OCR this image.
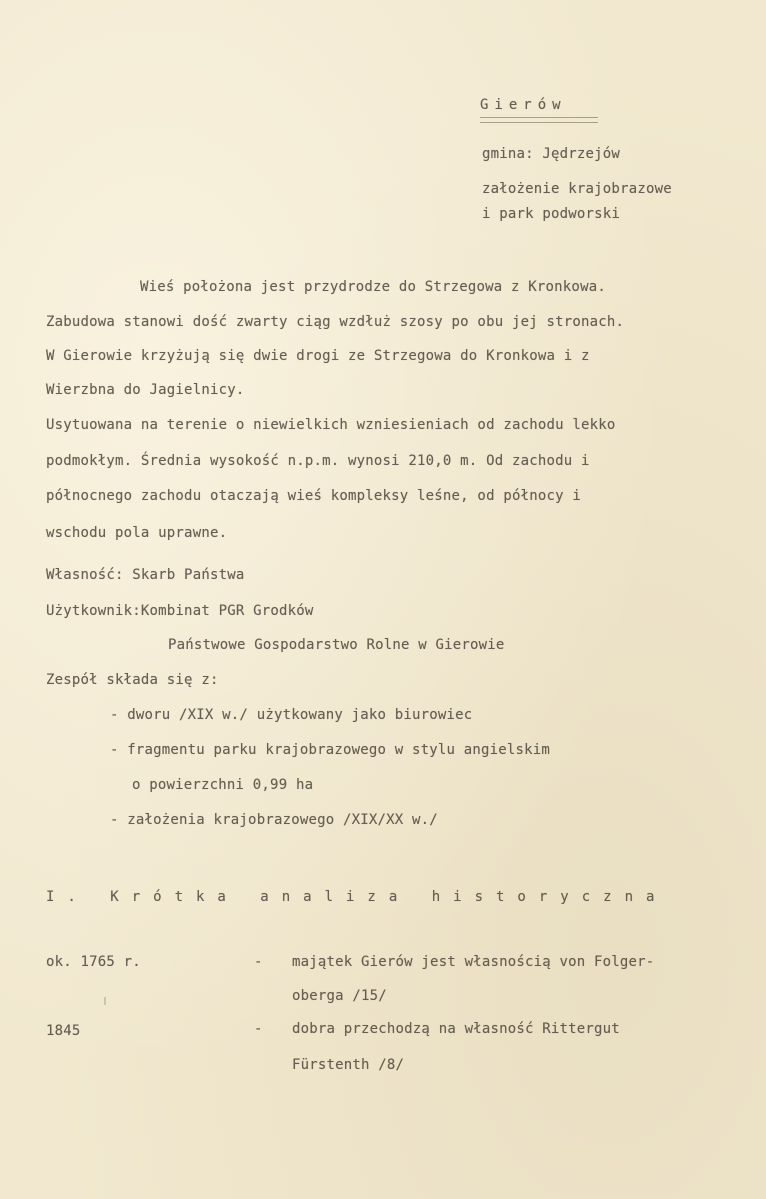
Gierów
gmina: Jędrzejów
założenie krajobrazowe
i park podworski
Wieś położona jest przydrodze do Strzegowa z Kronkowa.
Zabudowa stanowi dość zwarty ciąg wzdłuż szosy po obu jej stronach.
W Gierowie krzyżują się dwie drogi ze Strzegowa do Kronkowa i z
Wierzbna do Jagielnicy.
Usytuowana na terenie o niewielkich wzniesieniach od zachodu lekko
podmokłym. Średnia wysokość n.p.m. wynosi 210,0 m. Od zachodu i
północnego zachodu otaczają wieś kompleksy leśne, od północy i
wschodu pola uprawne.
Własność: Skarb Państwa
Użytkownik:Kombinat PGR Grodków
Państwowe Gospodarstwo Rolne w Gierowie
Zespół składa się z:
- dworu /XIX w./ użytkowany jako biurowiec
- fragmentu parku krajobrazowego w stylu angielskim
o powierzchni 0,99 ha
- założenia krajobrazowego /XIX/XX w./
I. Krótka analiza historyczna
ok. 1765 r.	- majątek Gierów jest własnością von Folger-
oberga /15/
1845	- dobra przechodzą na własność Rittergut
Fürstenth /8/
